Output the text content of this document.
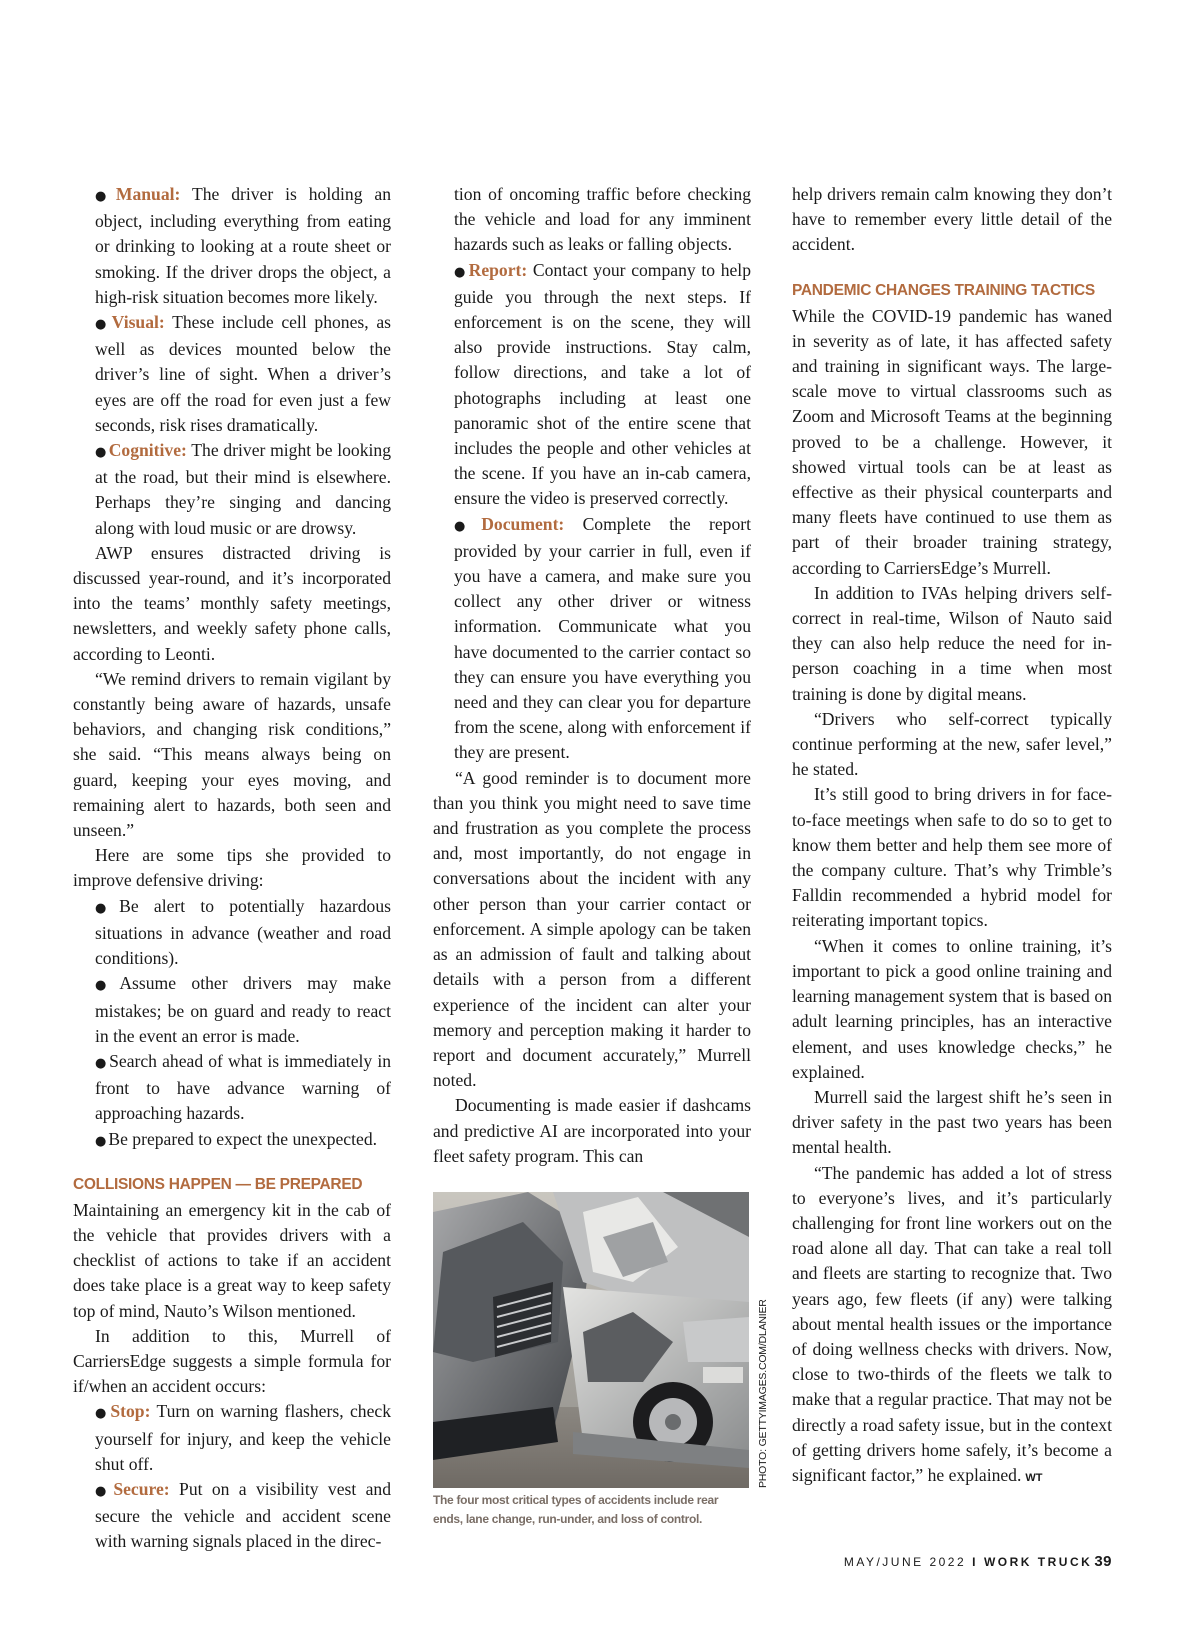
● Manual: The driver is holding an object, including everything from eating or drinking to looking at a route sheet or smoking. If the driver drops the object, a high-risk situation becomes more likely.

● Visual: These include cell phones, as well as devices mounted below the driver’s line of sight. When a driver’s eyes are off the road for even just a few seconds, risk rises dramatically.

● Cognitive: The driver might be looking at the road, but their mind is elsewhere. Perhaps they’re singing and dancing along with loud music or are drowsy.

AWP ensures distracted driving is discussed year-round, and it’s incorporated into the teams’ monthly safety meetings, newsletters, and weekly safety phone calls, according to Leonti.

“We remind drivers to remain vigilant by constantly being aware of hazards, unsafe behaviors, and changing risk conditions,” she said. “This means always being on guard, keeping your eyes moving, and remaining alert to hazards, both seen and unseen.”

Here are some tips she provided to improve defensive driving:

● Be alert to potentially hazardous situations in advance (weather and road conditions).

● Assume other drivers may make mistakes; be on guard and ready to react in the event an error is made.

● Search ahead of what is immediately in front to have advance warning of approaching hazards.

● Be prepared to expect the unexpected.

COLLISIONS HAPPEN — BE PREPARED

Maintaining an emergency kit in the cab of the vehicle that provides drivers with a checklist of actions to take if an accident does take place is a great way to keep safety top of mind, Nauto’s Wilson mentioned.

In addition to this, Murrell of CarriersEdge suggests a simple formula for if/when an accident occurs:

● Stop: Turn on warning flashers, check yourself for injury, and keep the vehicle shut off.

● Secure: Put on a visibility vest and secure the vehicle and accident scene with warning signals placed in the direc-

tion of oncoming traffic before checking the vehicle and load for any imminent hazards such as leaks or falling objects.

● Report: Contact your company to help guide you through the next steps. If enforcement is on the scene, they will also provide instructions. Stay calm, follow directions, and take a lot of photographs including at least one panoramic shot of the entire scene that includes the people and other vehicles at the scene. If you have an in-cab camera, ensure the video is preserved correctly.

● Document: Complete the report provided by your carrier in full, even if you have a camera, and make sure you collect any other driver or witness information. Communicate what you have documented to the carrier contact so they can ensure you have everything you need and they can clear you for departure from the scene, along with enforcement if they are present.

“A good reminder is to document more than you think you might need to save time and frustration as you complete the process and, most importantly, do not engage in conversations about the incident with any other person than your carrier contact or enforcement. A simple apology can be taken as an admission of fault and talking about details with a person from a different experience of the incident can alter your memory and perception making it harder to report and document accurately,” Murrell noted.

Documenting is made easier if dashcams and predictive AI are incorporated into your fleet safety program. This can

PHOTO: GETTYIMAGES.COM/DLANIER
The four most critical types of accidents include rear ends, lane change, run-under, and loss of control.

help drivers remain calm knowing they don’t have to remember every little detail of the accident.

PANDEMIC CHANGES TRAINING TACTICS

While the COVID-19 pandemic has waned in severity as of late, it has affected safety and training in significant ways. The large-scale move to virtual classrooms such as Zoom and Microsoft Teams at the beginning proved to be a challenge. However, it showed virtual tools can be at least as effective as their physical counterparts and many fleets have continued to use them as part of their broader training strategy, according to CarriersEdge’s Murrell.

In addition to IVAs helping drivers self-correct in real-time, Wilson of Nauto said they can also help reduce the need for in-person coaching in a time when most training is done by digital means.

“Drivers who self-correct typically continue performing at the new, safer level,” he stated.

It’s still good to bring drivers in for face-to-face meetings when safe to do so to get to know them better and help them see more of the company culture. That’s why Trimble’s Falldin recommended a hybrid model for reiterating important topics.

“When it comes to online training, it’s important to pick a good online training and learning management system that is based on adult learning principles, has an interactive element, and uses knowledge checks,” he explained.

Murrell said the largest shift he’s seen in driver safety in the past two years has been mental health.

“The pandemic has added a lot of stress to everyone’s lives, and it’s particularly challenging for front line workers out on the road alone all day. That can take a real toll and fleets are starting to recognize that. Two years ago, few fleets (if any) were talking about mental health issues or the importance of doing wellness checks with drivers. Now, close to two-thirds of the fleets we talk to make that a regular practice. That may not be directly a road safety issue, but in the context of getting drivers home safely, it’s become a significant factor,” he explained. WT

MAY/JUNE 2022 I WORK TRUCK 39
